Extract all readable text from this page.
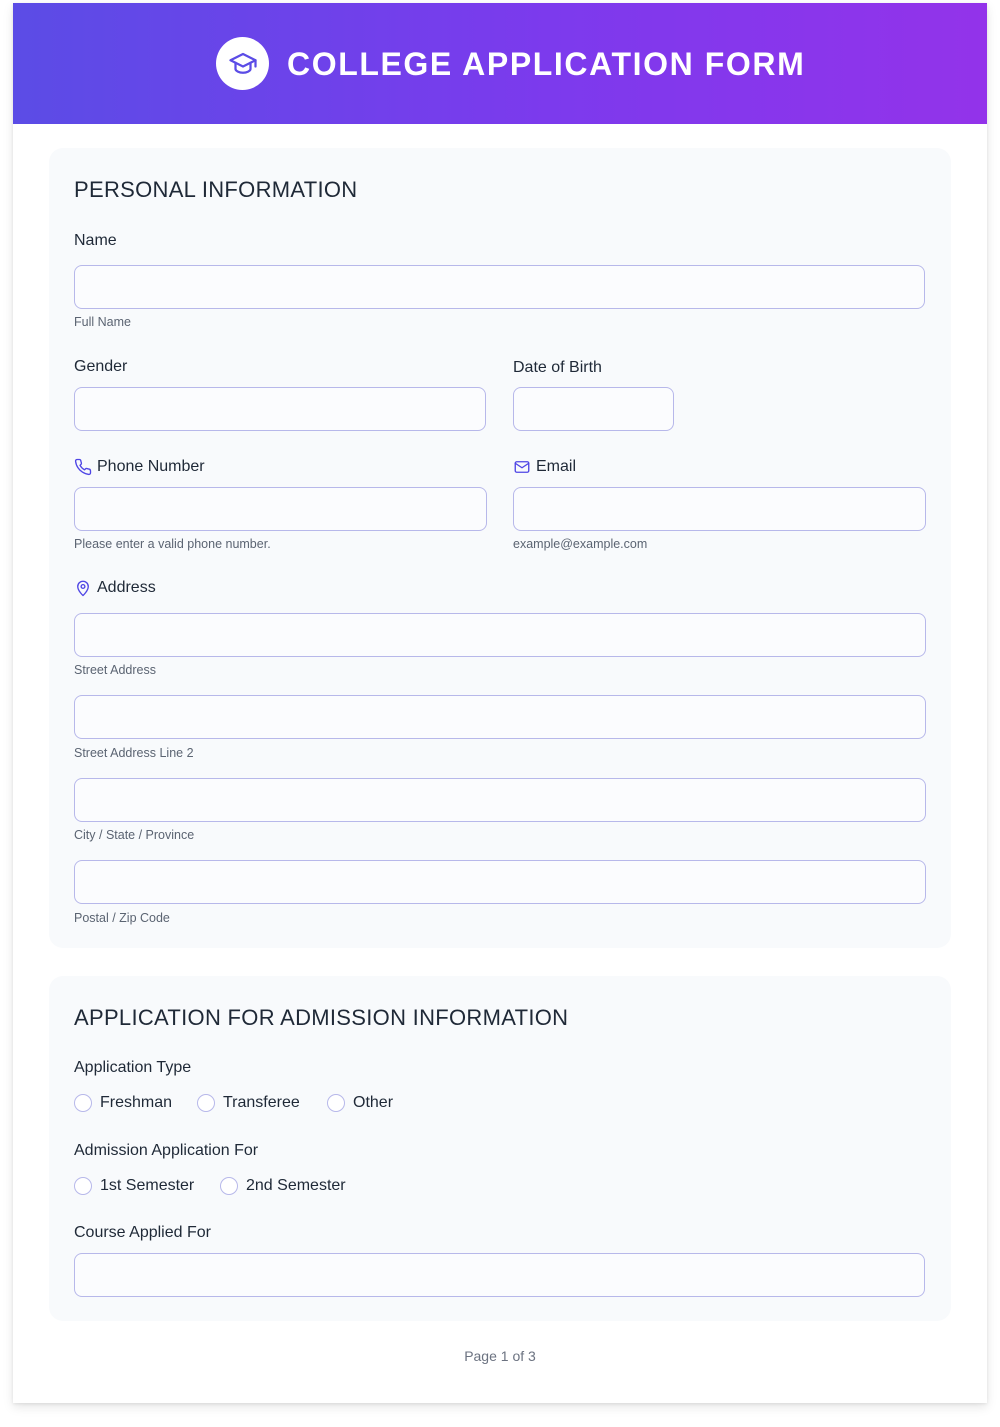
COLLEGE APPLICATION FORM
PERSONAL INFORMATION
Name
Full Name
Gender	Date of Birth
Phone Number
Please enter a valid phone number.
Email
example@example.com
Address
Street Address
Street Address Line 2
City / State / Province
Postal / Zip Code
APPLICATION FOR ADMISSION INFORMATION
Application Type
Freshman	Transferee	Other
Admission Application For
1st Semester	2nd Semester
Course Applied For
Page 1 of 3
